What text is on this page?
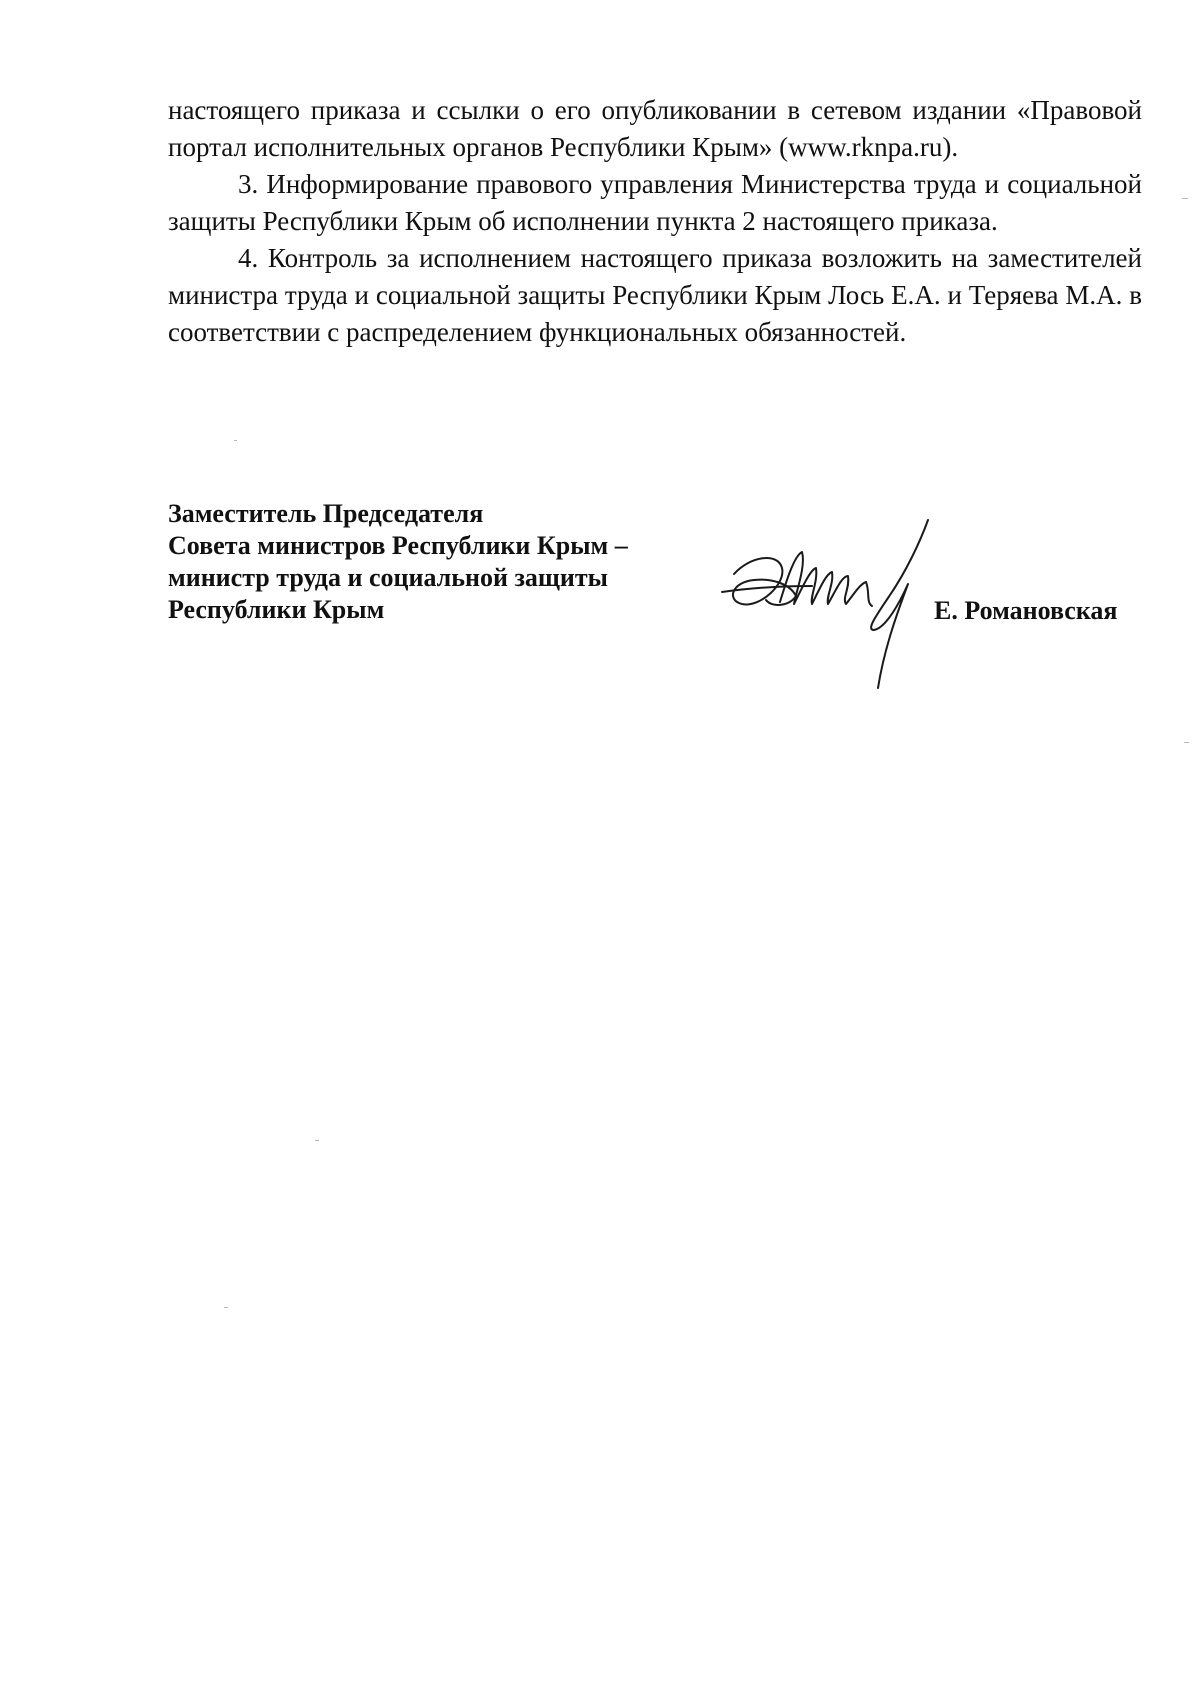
настоящего приказа и ссылки о его опубликовании в сетевом издании «Правовой портал исполнительных органов Республики Крым» (www.rknpa.ru).

3. Информирование правового управления Министерства труда и социальной защиты Республики Крым об исполнении пункта 2 настоящего приказа.

4. Контроль за исполнением настоящего приказа возложить на заместителей министра труда и социальной защиты Республики Крым Лось Е.А. и Теряева М.А. в соответствии с распределением функциональных обязанностей.

Заместитель Председателя
Совета министров Республики Крым –
министр труда и социальной защиты
Республики Крым	Е. Романовская
